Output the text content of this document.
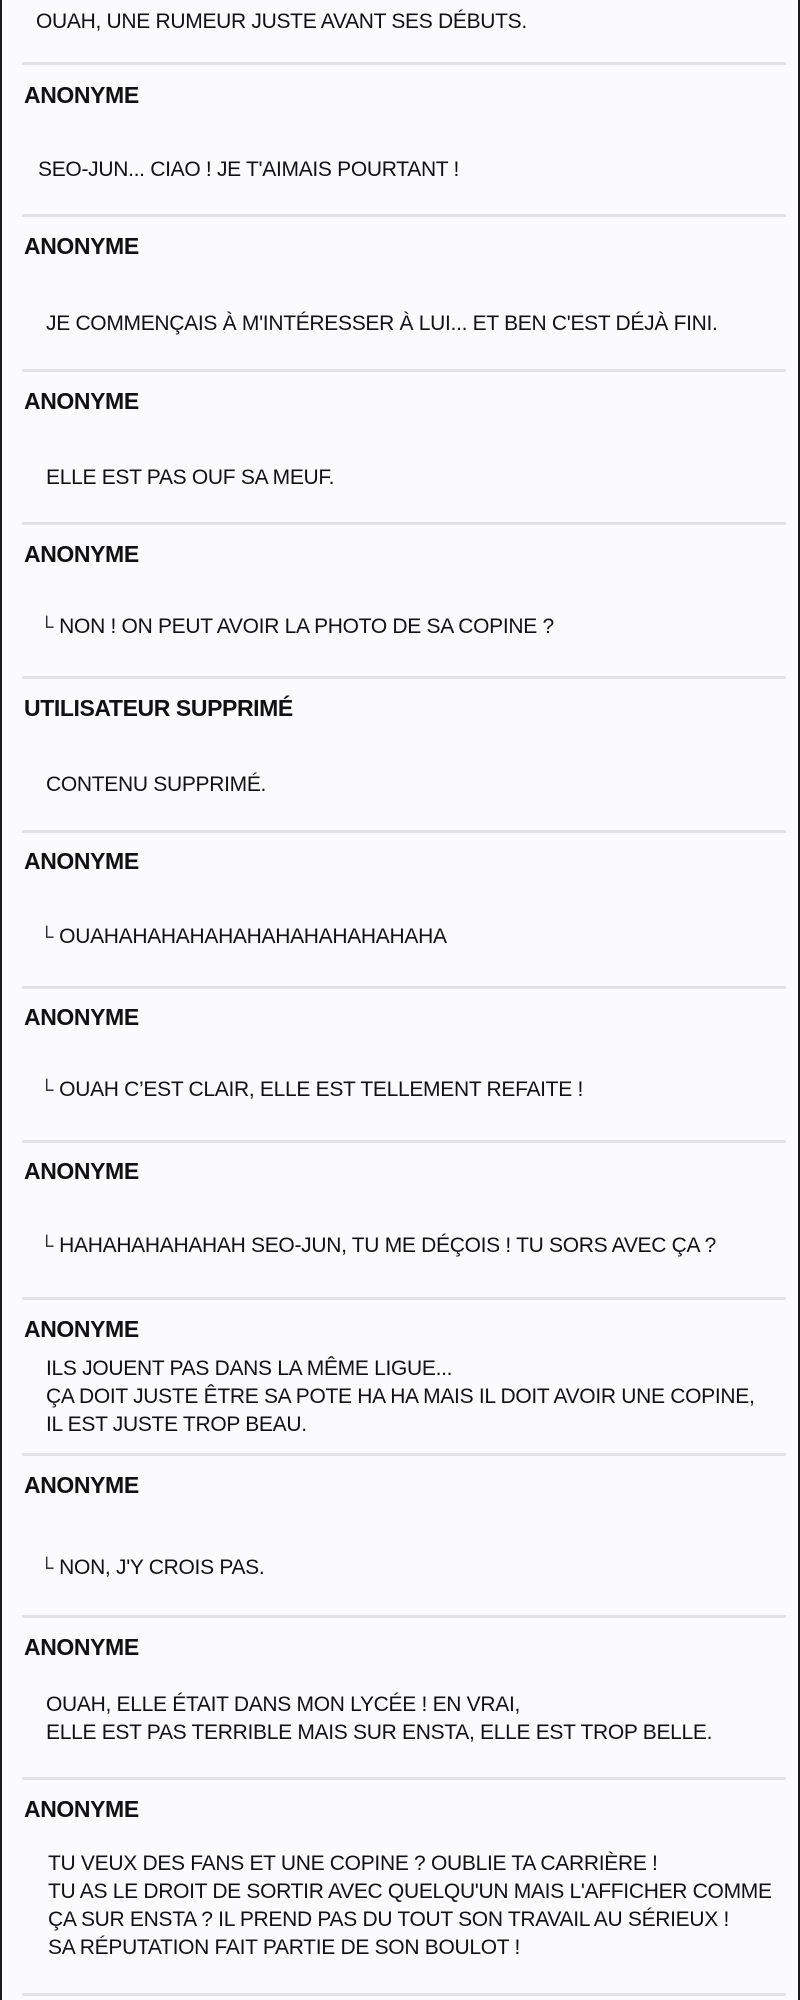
OUAH, UNE RUMEUR JUSTE AVANT SES DÉBUTS.
ANONYME
SEO-JUN... CIAO ! JE T'AIMAIS POURTANT !
ANONYME
JE COMMENÇAIS À M'INTÉRESSER À LUI... ET BEN C'EST DÉJÀ FINI.
ANONYME
ELLE EST PAS OUF SA MEUF.
ANONYME
└ NON ! ON PEUT AVOIR LA PHOTO DE SA COPINE ?
UTILISATEUR SUPPRIMÉ
CONTENU SUPPRIMÉ.
ANONYME
└ OUAHAHAHAHAHAHAHAHAHAHAHAHA
ANONYME
└ OUAH C’EST CLAIR, ELLE EST TELLEMENT REFAITE !
ANONYME
└ HAHAHAHAHAHAH SEO-JUN, TU ME DÉÇOIS ! TU SORS AVEC ÇA ?
ANONYME
ILS JOUENT PAS DANS LA MÊME LIGUE...
ÇA DOIT JUSTE ÊTRE SA POTE HA HA MAIS IL DOIT AVOIR UNE COPINE,
IL EST JUSTE TROP BEAU.
ANONYME
└ NON, J'Y CROIS PAS.
ANONYME
OUAH, ELLE ÉTAIT DANS MON LYCÉE ! EN VRAI,
ELLE EST PAS TERRIBLE MAIS SUR ENSTA, ELLE EST TROP BELLE.
ANONYME
TU VEUX DES FANS ET UNE COPINE ? OUBLIE TA CARRIÈRE !
TU AS LE DROIT DE SORTIR AVEC QUELQU'UN MAIS L'AFFICHER COMME
ÇA SUR ENSTA ? IL PREND PAS DU TOUT SON TRAVAIL AU SÉRIEUX !
SA RÉPUTATION FAIT PARTIE DE SON BOULOT !
